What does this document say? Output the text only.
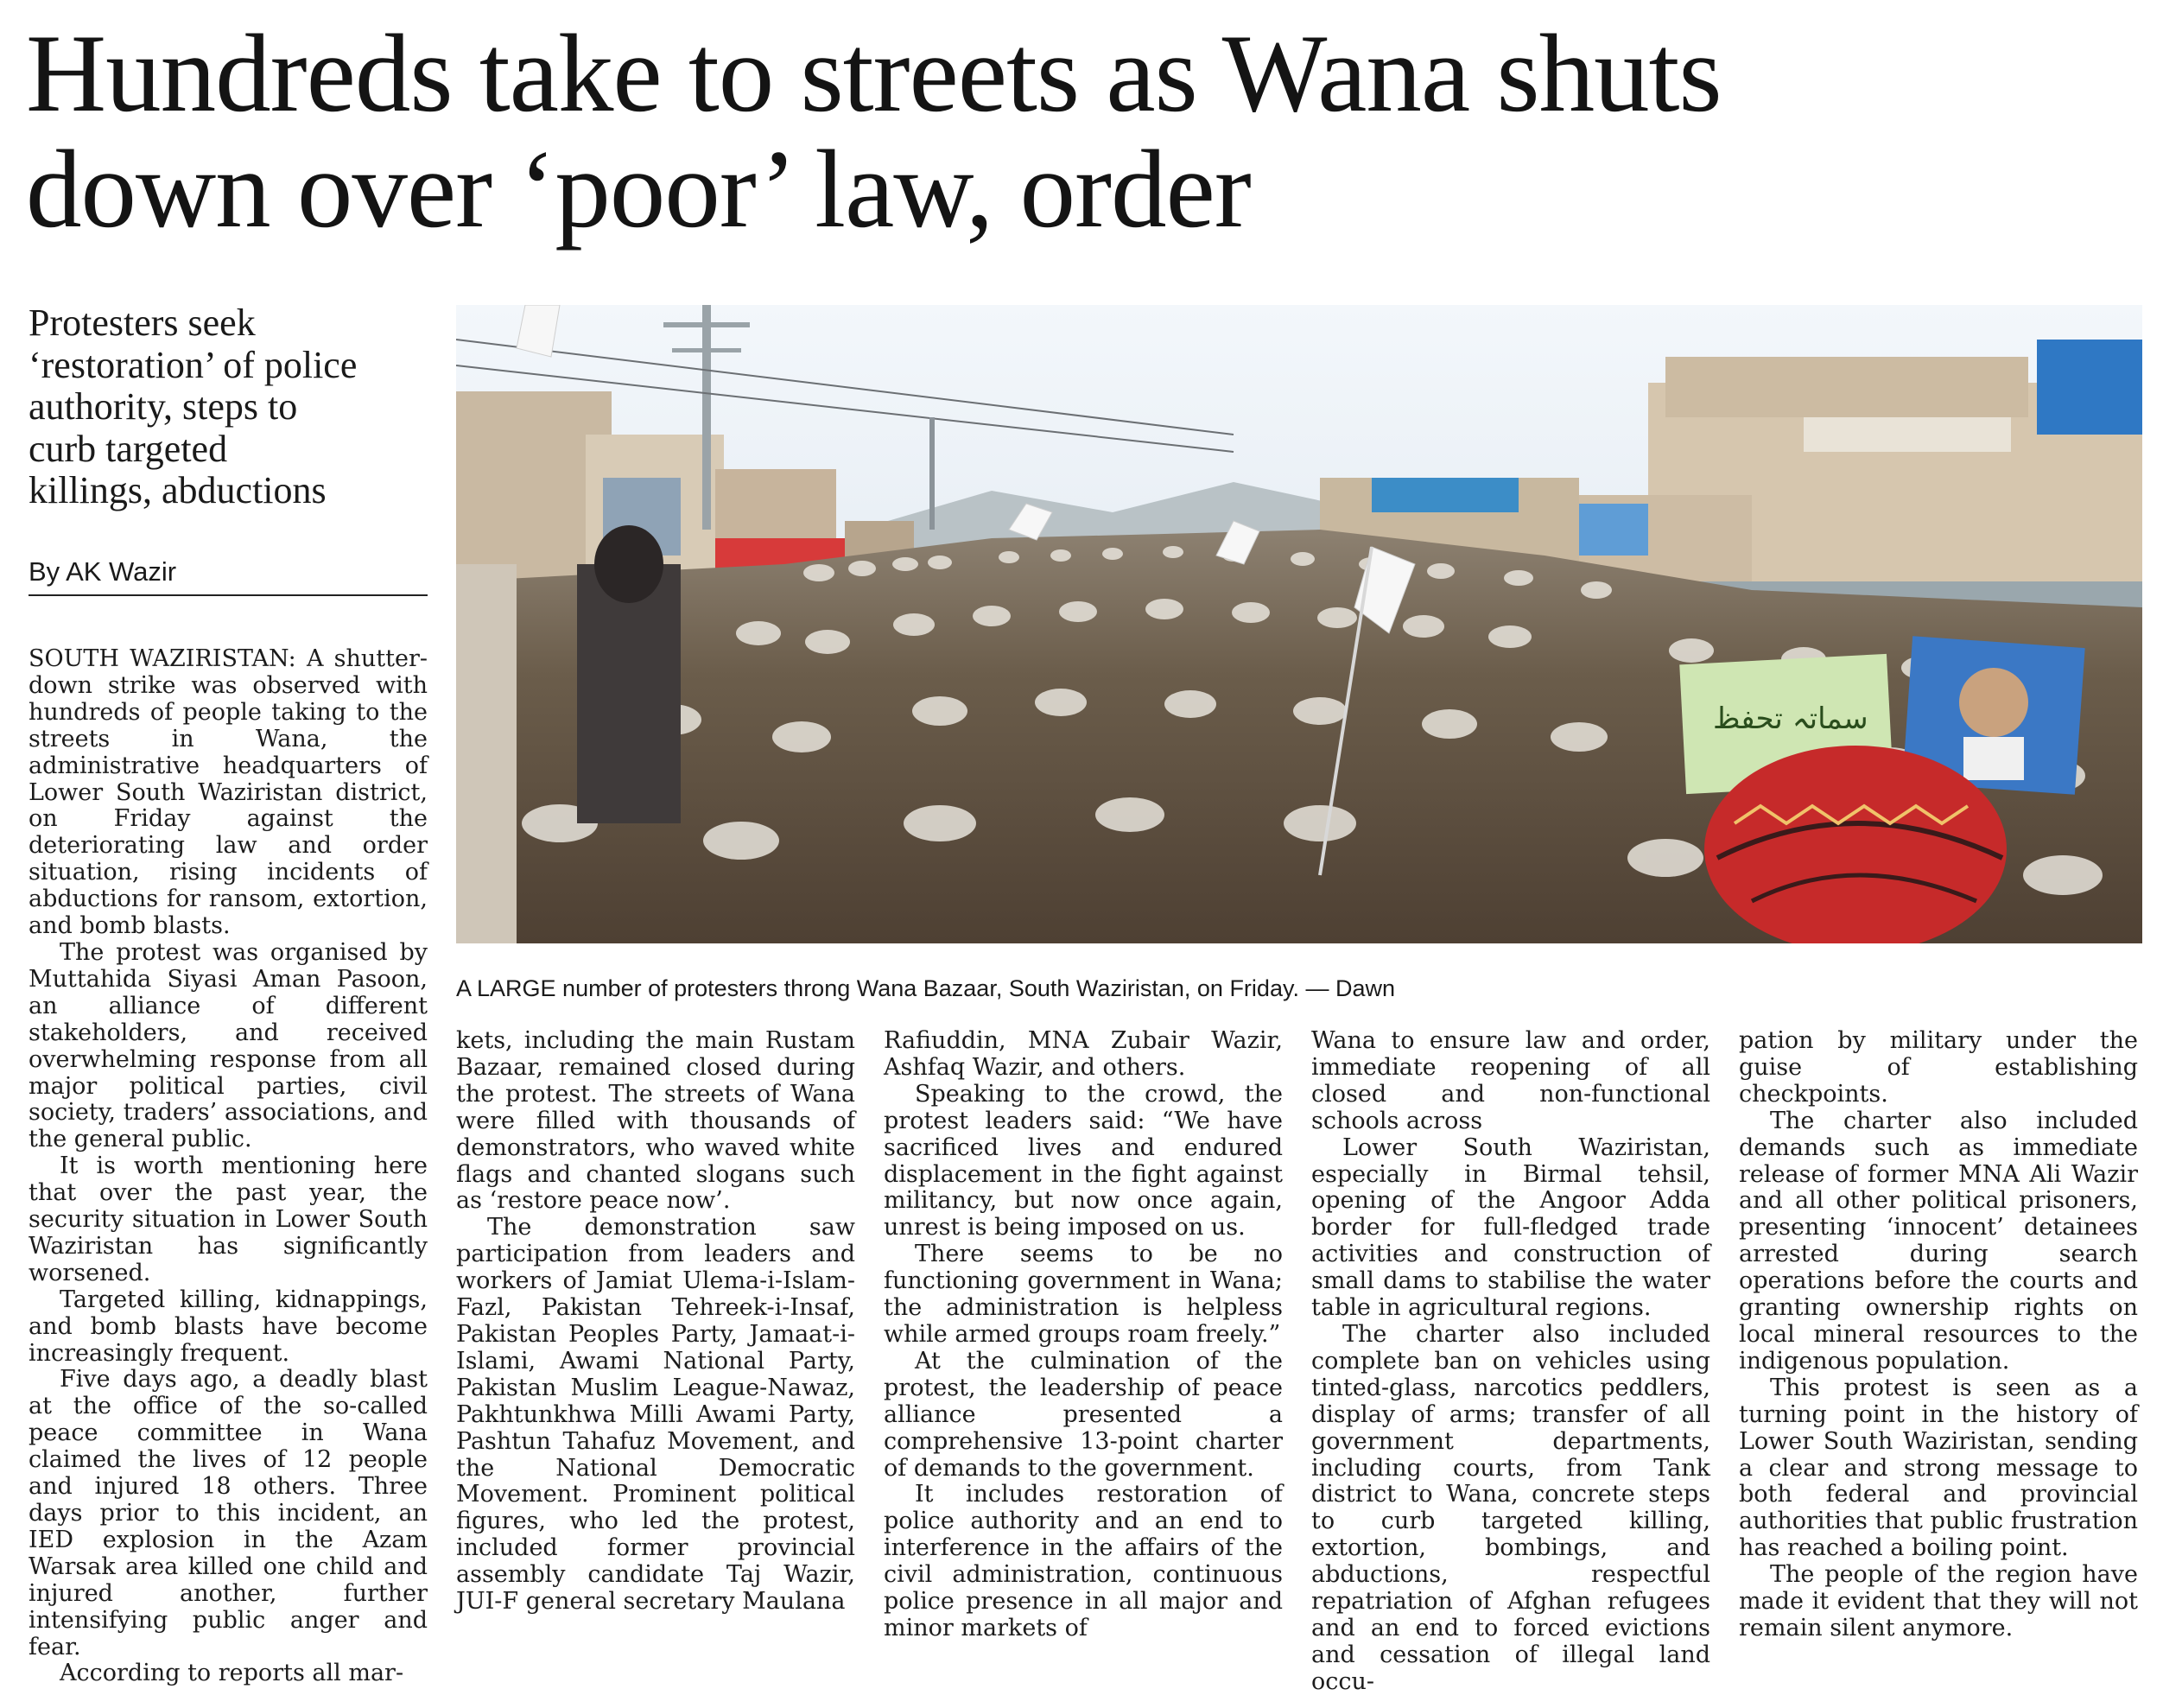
Hundreds take to streets as Wana shuts
down over ‘poor’ law, order
Protesters seek
‘restoration’ of police
authority, steps to
curb targeted
killings, abductions
By AK Wazir
سماتہ تحفظ
A LARGE number of protesters throng Wana Bazaar, South Waziristan, on Friday. — Dawn

SOUTH WAZIRISTAN: A shutter-down strike was observed with hundreds of people taking to the streets in Wana, the administrative headquarters of Lower South Waziristan district, on Friday against the deteriorating law and order situation, rising incidents of abductions for ransom, extortion, and bomb blasts.

The protest was organised by Muttahida Siyasi Aman Pasoon, an alliance of different stakeholders, and received overwhelming response from all major political parties, civil society, traders’ associations, and the general public.

It is worth mentioning here that over the past year, the security situation in Lower South Waziristan has significantly worsened.

Targeted killing, kidnappings, and bomb blasts have become increasingly frequent.

Five days ago, a deadly blast at the office of the so-called peace committee in Wana claimed the lives of 12 people and injured 18 others. Three days prior to this incident, an IED explosion in the Azam Warsak area killed one child and injured another, further intensifying public anger and fear.

According to reports all mar-

kets, including the main Rustam Bazaar, remained closed during the protest. The streets of Wana were filled with thousands of demonstrators, who waved white flags and chanted slogans such as ‘restore peace now’.

The demonstration saw participation from leaders and workers of Jamiat Ulema-i-Islam-Fazl, Pakistan Tehreek-i-Insaf, Pakistan Peoples Party, Jamaat-i-Islami, Awami National Party, Pakistan Muslim League-Nawaz, Pakhtunkhwa Milli Awami Party, Pashtun Tahafuz Movement, and the National Democratic Movement. Prominent political figures, who led the protest, included former provincial assembly candidate Taj Wazir, JUI-F general secretary Maulana

Rafiuddin, MNA Zubair Wazir, Ashfaq Wazir, and others.

Speaking to the crowd, the protest leaders said: “We have sacrificed lives and endured displacement in the fight against militancy, but now once again, unrest is being imposed on us.

There seems to be no functioning government in Wana; the administration is helpless while armed groups roam freely.”

At the culmination of the protest, the leadership of peace alliance presented a comprehensive 13-point charter of demands to the government.

It includes restoration of police authority and an end to interference in the affairs of the civil administration, continuous police presence in all major and minor markets of

Wana to ensure law and order, immediate reopening of all closed and non-functional schools across

Lower South Waziristan, especially in Birmal tehsil, opening of the Angoor Adda border for full-fledged trade activities and construction of small dams to stabilise the water table in agricultural regions.

The charter also included complete ban on vehicles using tinted-glass, narcotics peddlers, display of arms; transfer of all government departments, including courts, from Tank district to Wana, concrete steps to curb targeted killing, extortion, bombings, and abductions, respectful repatriation of Afghan refugees and an end to forced evictions and cessation of illegal land occu-

pation by military under the guise of establishing checkpoints.

The charter also included demands such as immediate release of former MNA Ali Wazir and all other political prisoners, presenting ‘innocent’ detainees arrested during search operations before the courts and granting ownership rights on local mineral resources to the indigenous population.

This protest is seen as a turning point in the history of Lower South Waziristan, sending a clear and strong message to both federal and provincial authorities that public frustration has reached a boiling point.

The people of the region have made it evident that they will not remain silent anymore.
